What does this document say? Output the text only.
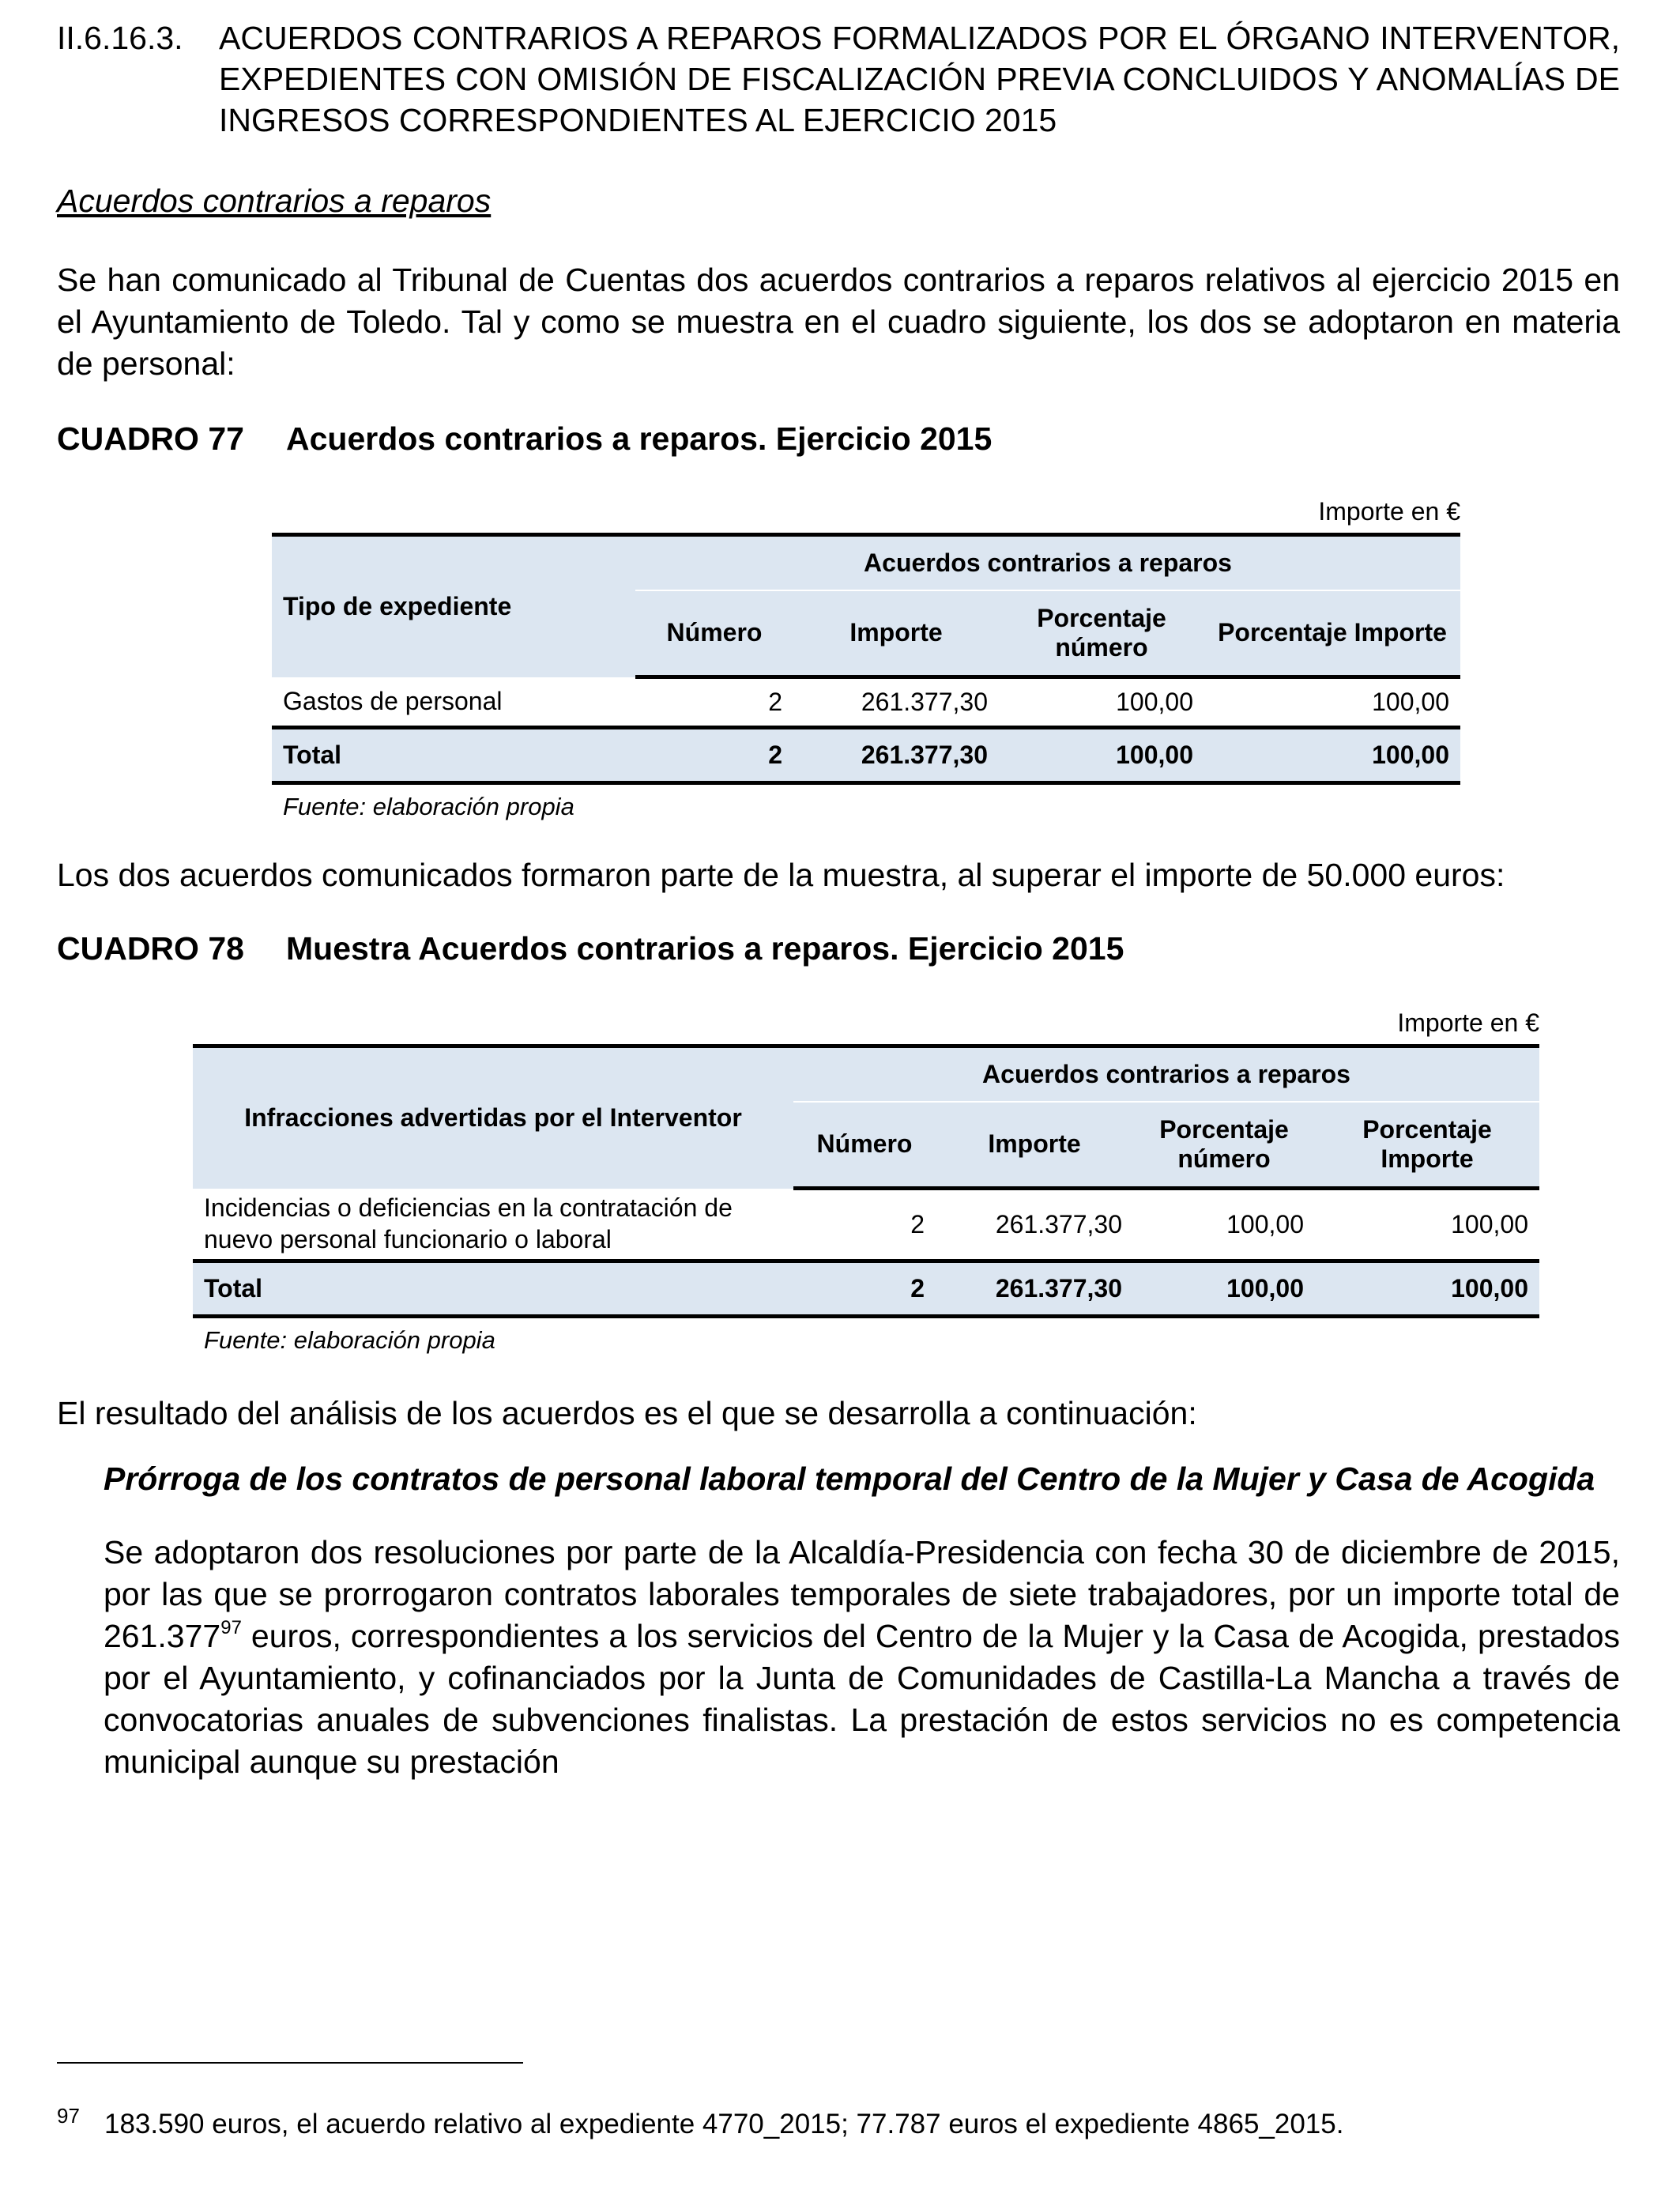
II.6.16.3.	ACUERDOS CONTRARIOS A REPAROS FORMALIZADOS POR EL ÓRGANO INTERVENTOR, EXPEDIENTES CON OMISIÓN DE FISCALIZACIÓN PREVIA CONCLUIDOS Y ANOMALÍAS DE INGRESOS CORRESPONDIENTES AL EJERCICIO 2015
Acuerdos contrarios a reparos

Se han comunicado al Tribunal de Cuentas dos acuerdos contrarios a reparos relativos al ejercicio 2015 en el Ayuntamiento de Toledo. Tal y como se muestra en el cuadro siguiente, los dos se adoptaron en materia de personal:

CUADRO 77	Acuerdos contrarios a reparos. Ejercicio 2015
Importe en €
Tipo de expediente	Acuerdos contrarios a reparos			
	Número	Importe	Porcentaje número	Porcentaje Importe
Gastos de personal	2	261.377,30	100,00	100,00
Total	2	261.377,30	100,00	100,00
Fuente: elaboración propia

Los dos acuerdos comunicados formaron parte de la muestra, al superar el importe de 50.000 euros:

CUADRO 78	Muestra Acuerdos contrarios a reparos. Ejercicio 2015
Importe en €
Infracciones advertidas por el Interventor	Acuerdos contrarios a reparos			
	Número	Importe	Porcentaje número	Porcentaje Importe
Incidencias o deficiencias en la contratación de nuevo personal funcionario o laboral	2	261.377,30	100,00	100,00
Total	2	261.377,30	100,00	100,00
Fuente: elaboración propia

El resultado del análisis de los acuerdos es el que se desarrolla a continuación:

Prórroga de los contratos de personal laboral temporal del Centro de la Mujer y Casa de Acogida

Se adoptaron dos resoluciones por parte de la Alcaldía-Presidencia con fecha 30 de diciembre de 2015, por las que se prorrogaron contratos laborales temporales de siete trabajadores, por un importe total de 261.377$^{97}$ euros, correspondientes a los servicios del Centro de la Mujer y la Casa de Acogida, prestados por el Ayuntamiento, y cofinanciados por la Junta de Comunidades de Castilla-La Mancha a través de convocatorias anuales de subvenciones finalistas. La prestación de estos servicios no es competencia municipal aunque su prestación

97 183.590 euros, el acuerdo relativo al expediente 4770_2015; 77.787 euros el expediente 4865_2015.
